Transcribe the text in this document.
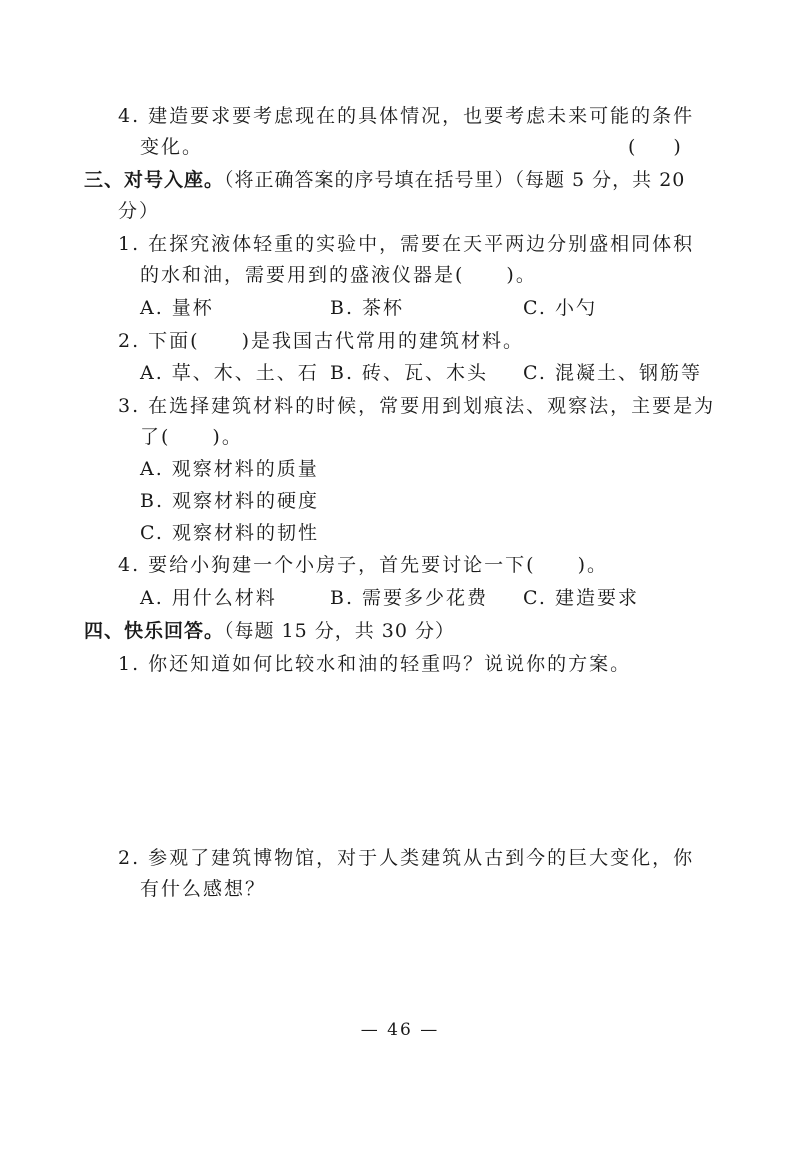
4. 建造要求要考虑现在的具体情况，也要考虑未来可能的条件
变化。	(　　)
三、对号入座。（将正确答案的序号填在括号里）（每题 5 分，共 20
分）
1. 在探究液体轻重的实验中，需要在天平两边分别盛相同体积
的水和油，需要用到的盛液仪器是(　　)。
A. 量杯	B. 茶杯	C. 小勺
2. 下面(　　)是我国古代常用的建筑材料。
A. 草、木、土、石 B. 砖、瓦、木头 C. 混凝土、钢筋等
3. 在选择建筑材料的时候，常要用到划痕法、观察法，主要是为
了(　　)。
A. 观察材料的质量
B. 观察材料的硬度
C. 观察材料的韧性
4. 要给小狗建一个小房子，首先要讨论一下(　　)。
A. 用什么材料	B. 需要多少花费 C. 建造要求
四、快乐回答。（每题 15 分，共 30 分）
1. 你还知道如何比较水和油的轻重吗？说说你的方案。
2. 参观了建筑博物馆，对于人类建筑从古到今的巨大变化，你
有什么感想？
— 46 —
